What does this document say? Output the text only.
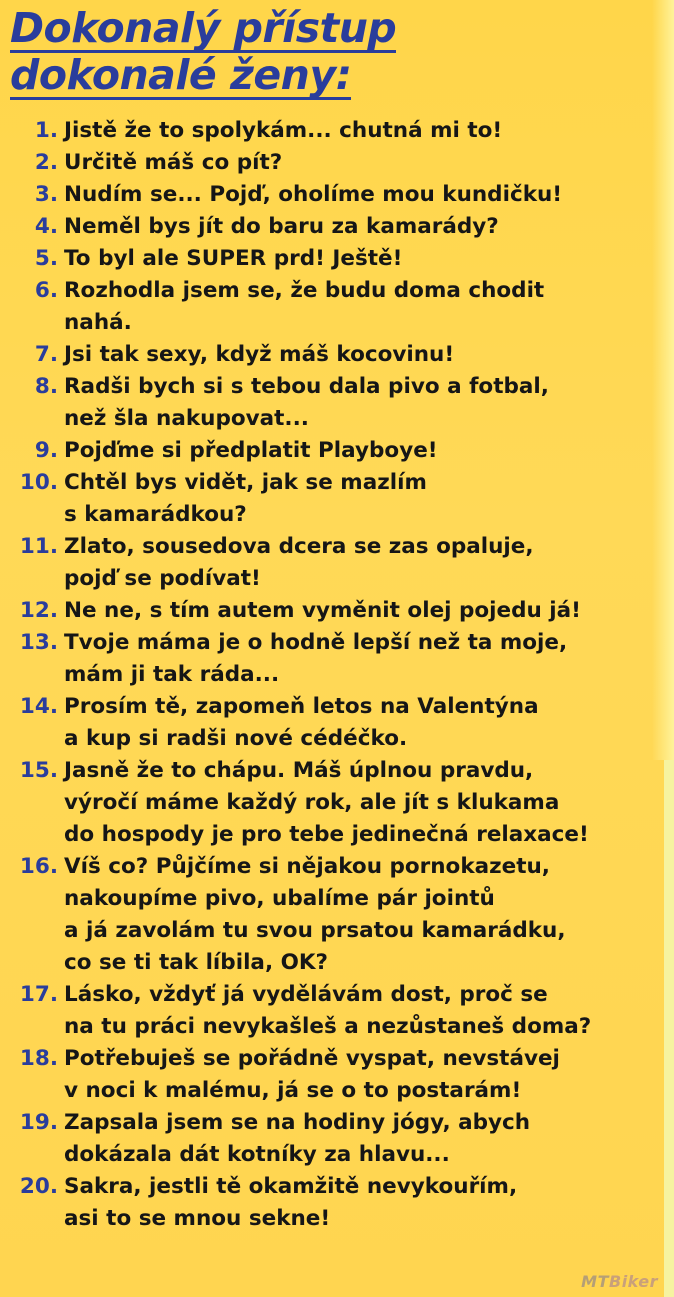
Dokonalý přístup
dokonalé ženy:
1. Jistě že to spolykám... chutná mi to!
2. Určitě máš co pít?
3. Nudím se... Pojď, oholíme mou kundičku!
4. Neměl bys jít do baru za kamarády?
5. To byl ale SUPER prd! Ještě!
6. Rozhodla jsem se, že budu doma chodit
nahá.
7. Jsi tak sexy, když máš kocovinu!
8. Radši bych si s tebou dala pivo a fotbal,
než šla nakupovat...
9. Pojďme si předplatit Playboye!
10. Chtěl bys vidět, jak se mazlím
s kamarádkou?
11. Zlato, sousedova dcera se zas opaluje,
pojď se podívat!
12. Ne ne, s tím autem vyměnit olej pojedu já!
13. Tvoje máma je o hodně lepší než ta moje,
mám ji tak ráda...
14. Prosím tě, zapomeň letos na Valentýna
a kup si radši nové cédéčko.
15. Jasně že to chápu. Máš úplnou pravdu,
výročí máme každý rok, ale jít s klukama
do hospody je pro tebe jedinečná relaxace!
16. Víš co? Půjčíme si nějakou pornokazetu,
nakoupíme pivo, ubalíme pár jointů
a já zavolám tu svou prsatou kamarádku,
co se ti tak líbila, OK?
17. Lásko, vždyť já vydělávám dost, proč se
na tu práci nevykašleš a nezůstaneš doma?
18. Potřebuješ se pořádně vyspat, nevstávej
v noci k malému, já se o to postarám!
19. Zapsala jsem se na hodiny jógy, abych
dokázala dát kotníky za hlavu...
20. Sakra, jestli tě okamžitě nevykouřím,
asi to se mnou sekne!
MTBiker
